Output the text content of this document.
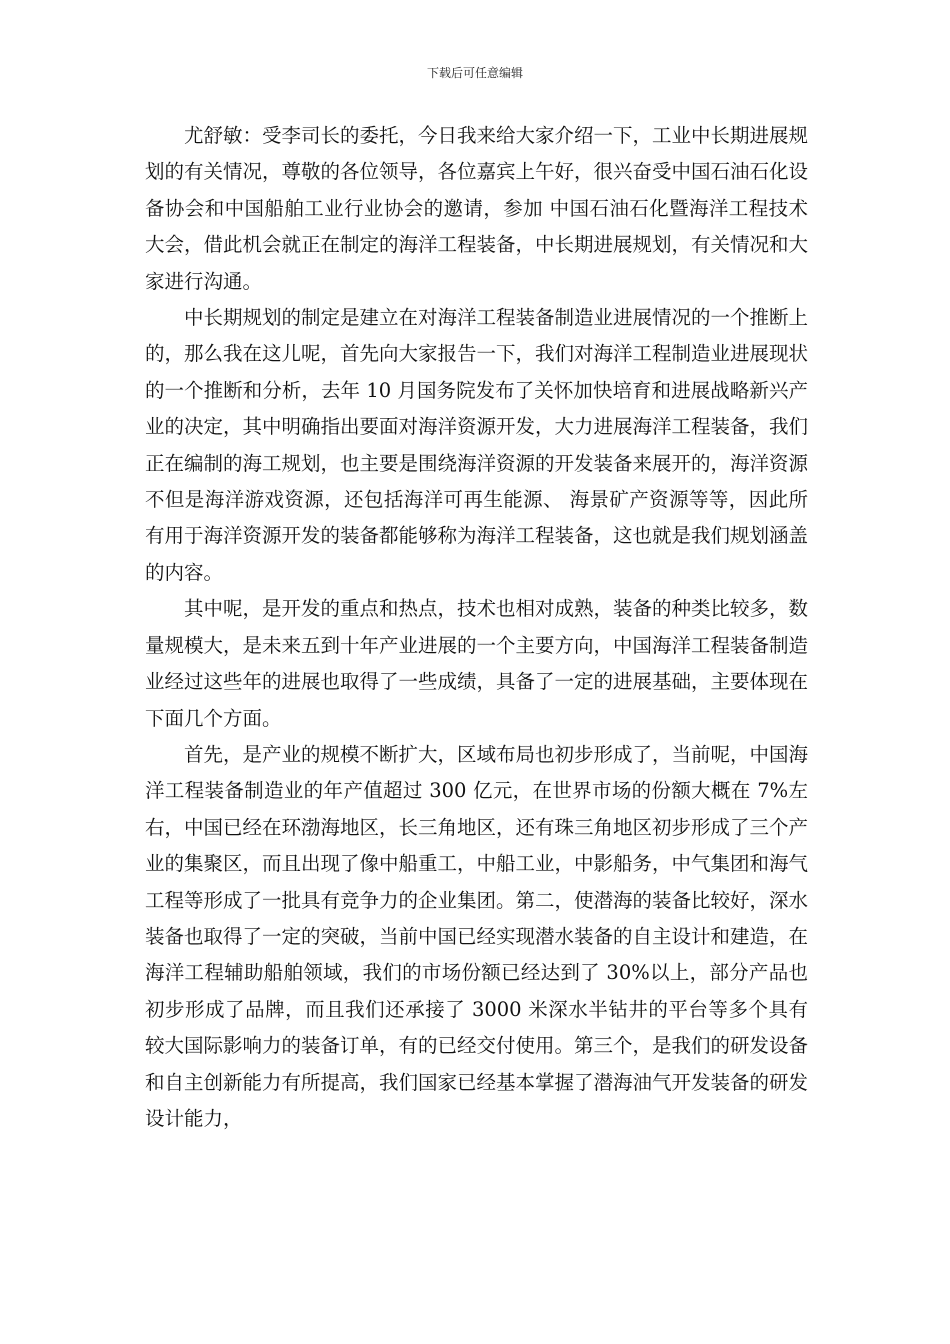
下载后可任意编辑

尤舒敏：受李司长的委托，今日我来给大家介绍一下，工业中长期进展规划的有关情况，尊敬的各位领导，各位嘉宾上午好，很兴奋受中国石油石化设备协会和中国船舶工业行业协会的邀请，参加 中国石油石化暨海洋工程技术大会，借此机会就正在制定的海洋工程装备，中长期进展规划，有关情况和大家进行沟通。

中长期规划的制定是建立在对海洋工程装备制造业进展情况的一个推断上的，那么我在这儿呢，首先向大家报告一下，我们对海洋工程制造业进展现状的一个推断和分析，去年 10 月国务院发布了关怀加快培育和进展战略新兴产业的决定，其中明确指出要面对海洋资源开发，大力进展海洋工程装备，我们正在编制的海工规划，也主要是围绕海洋资源的开发装备来展开的，海洋资源不但是海洋游戏资源，还包括海洋可再生能源、 海景矿产资源等等，因此所有用于海洋资源开发的装备都能够称为海洋工程装备，这也就是我们规划涵盖的内容。

其中呢，是开发的重点和热点，技术也相对成熟，装备的种类比较多，数量规模大，是未来五到十年产业进展的一个主要方向，中国海洋工程装备制造业经过这些年的进展也取得了一些成绩，具备了一定的进展基础，主要体现在下面几个方面。

首先，是产业的规模不断扩大，区域布局也初步形成了，当前呢，中国海洋工程装备制造业的年产值超过 300 亿元，在世界市场的份额大概在 7%左右，中国已经在环渤海地区，长三角地区，还有珠三角地区初步形成了三个产业的集聚区，而且出现了像中船重工，中船工业，中影船务，中气集团和海气工程等形成了一批具有竞争力的企业集团。第二，使潜海的装备比较好，深水装备也取得了一定的突破，当前中国已经实现潜水装备的自主设计和建造，在海洋工程辅助船舶领域，我们的市场份额已经达到了 30%以上，部分产品也初步形成了品牌，而且我们还承接了 3000 米深水半钻井的平台等多个具有较大国际影响力的装备订单，有的已经交付使用。第三个，是我们的研发设备和自主创新能力有所提高，我们国家已经基本掌握了潜海油气开发装备的研发设计能力，
